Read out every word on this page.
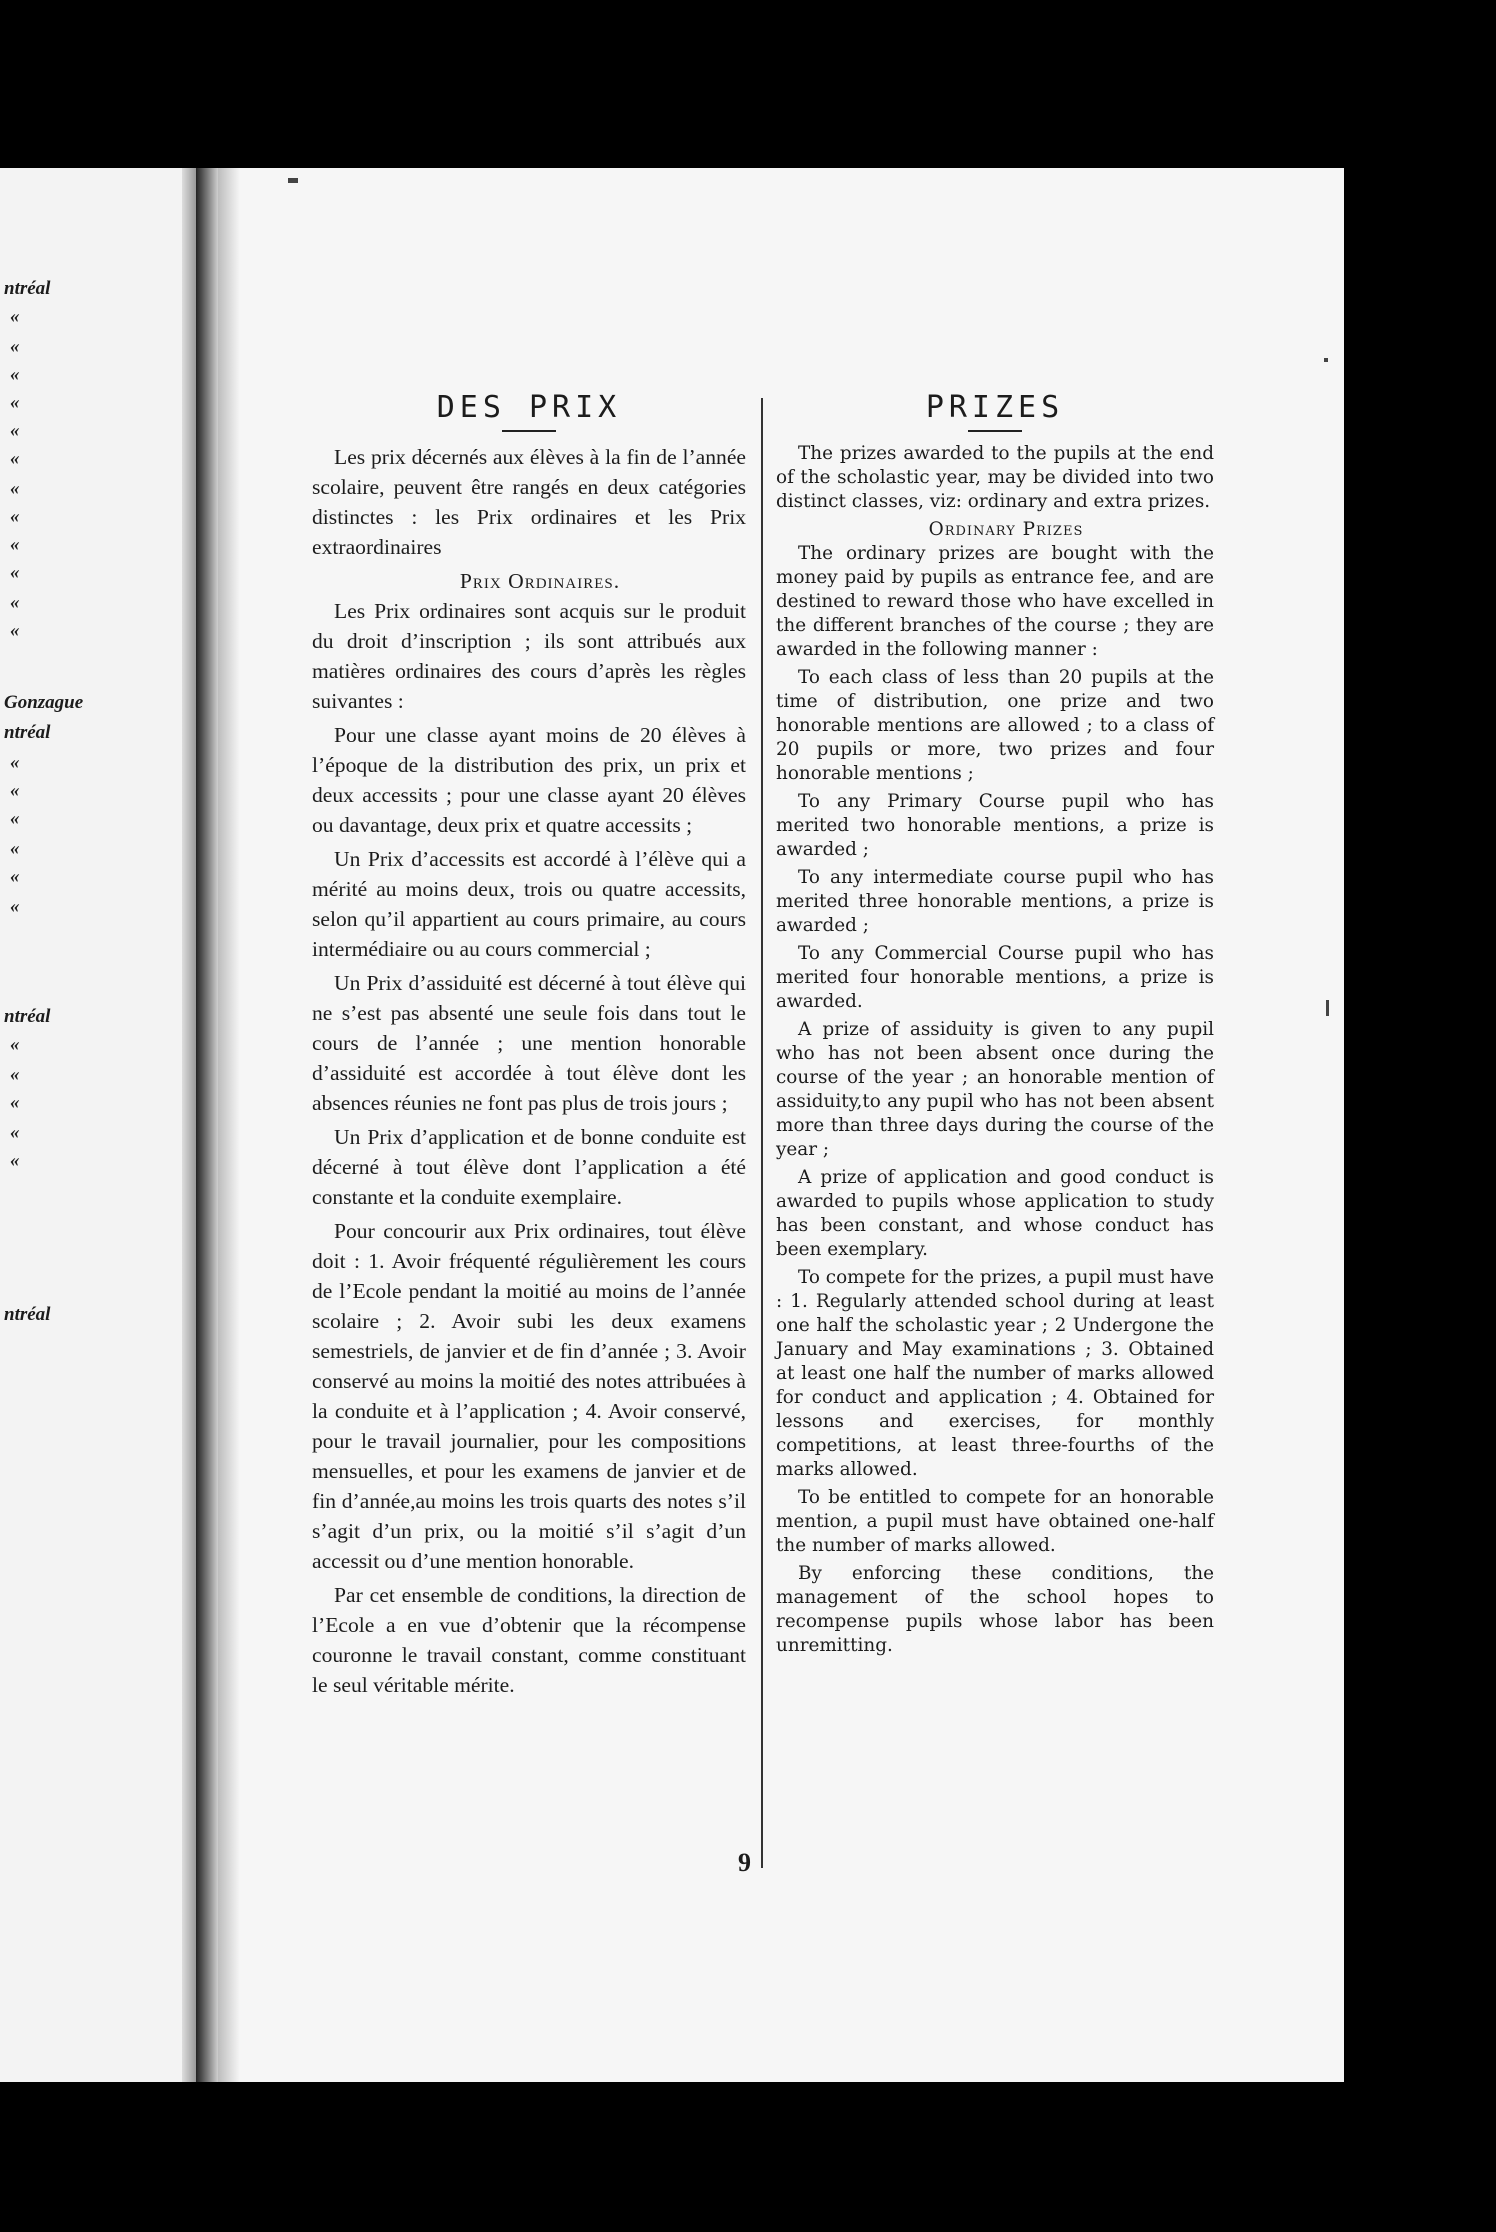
ntréal
«
«
«
«
«
«
«
«
«
«
«
«
Gonzague
ntréal
«
«
«
«
«
«
ntréal
«
«
«
«
«
ntréal
DES PRIX

Les prix décernés aux élèves à la fin de l’année scolaire, peuvent être rangés en deux catégories distinctes : les Prix ordinaires et les Prix extraordinaires

Prix Ordinaires.

Les Prix ordinaires sont acquis sur le produit du droit d’inscription ; ils sont attribués aux matières ordinaires des cours d’après les règles suivantes :

Pour une classe ayant moins de 20 élèves à l’époque de la distribution des prix, un prix et deux accessits ; pour une classe ayant 20 élèves ou davantage, deux prix et quatre accessits ;

Un Prix d’accessits est accordé à l’élève qui a mérité au moins deux, trois ou quatre accessits, selon qu’il appartient au cours primaire, au cours intermédiaire ou au cours commercial ;

Un Prix d’assiduité est décerné à tout élève qui ne s’est pas absenté une seule fois dans tout le cours de l’année ; une mention honorable d’assiduité est accordée à tout élève dont les absences réunies ne font pas plus de trois jours ;

Un Prix d’application et de bonne conduite est décerné à tout élève dont l’application a été constante et la conduite exemplaire.

Pour concourir aux Prix ordinaires, tout élève doit : 1. Avoir fréquenté régulièrement les cours de l’Ecole pendant la moitié au moins de l’année scolaire ; 2. Avoir subi les deux examens semestriels, de janvier et de fin d’année ; 3. Avoir conservé au moins la moitié des notes attribuées à la conduite et à l’application ; 4. Avoir conservé, pour le travail journalier, pour les compositions mensuelles, et pour les examens de janvier et de fin d’année,au moins les trois quarts des notes s’il s’agit d’un prix, ou la moitié s’il s’agit d’un accessit ou d’une mention honorable.

Par cet ensemble de conditions, la direction de l’Ecole a en vue d’obtenir que la récompense couronne le travail constant, comme constituant le seul véritable mérite.

PRIZES

The prizes awarded to the pupils at the end of the scholastic year, may be divided into two distinct classes, viz: ordinary and extra prizes.

Ordinary Prizes

The ordinary prizes are bought with the money paid by pupils as entrance fee, and are destined to reward those who have excelled in the different branches of the course ; they are awarded in the following manner :

To each class of less than 20 pupils at the time of distribution, one prize and two honorable mentions are allowed ; to a class of 20 pupils or more, two prizes and four honorable mentions ;

To any Primary Course pupil who has merited two honorable mentions, a prize is awarded ;

To any intermediate course pupil who has merited three honorable mentions, a prize is awarded ;

To any Commercial Course pupil who has merited four honorable mentions, a prize is awarded.

A prize of assiduity is given to any pupil who has not been absent once during the course of the year ; an honorable mention of assiduity,to any pupil who has not been absent more than three days during the course of the year ;

A prize of application and good conduct is awarded to pupils whose application to study has been constant, and whose conduct has been exemplary.

To compete for the prizes, a pupil must have : 1. Regularly attended school during at least one half the scholastic year ; 2 Undergone the January and May examinations ; 3. Obtained at least one half the number of marks allowed for conduct and application ; 4. Obtained for lessons and exercises, for monthly competitions, at least three-fourths of the marks allowed.

To be entitled to compete for an honorable mention, a pupil must have obtained one-half the number of marks allowed.

By enforcing these conditions, the management of the school hopes to recompense pupils whose labor has been unremitting.

9
